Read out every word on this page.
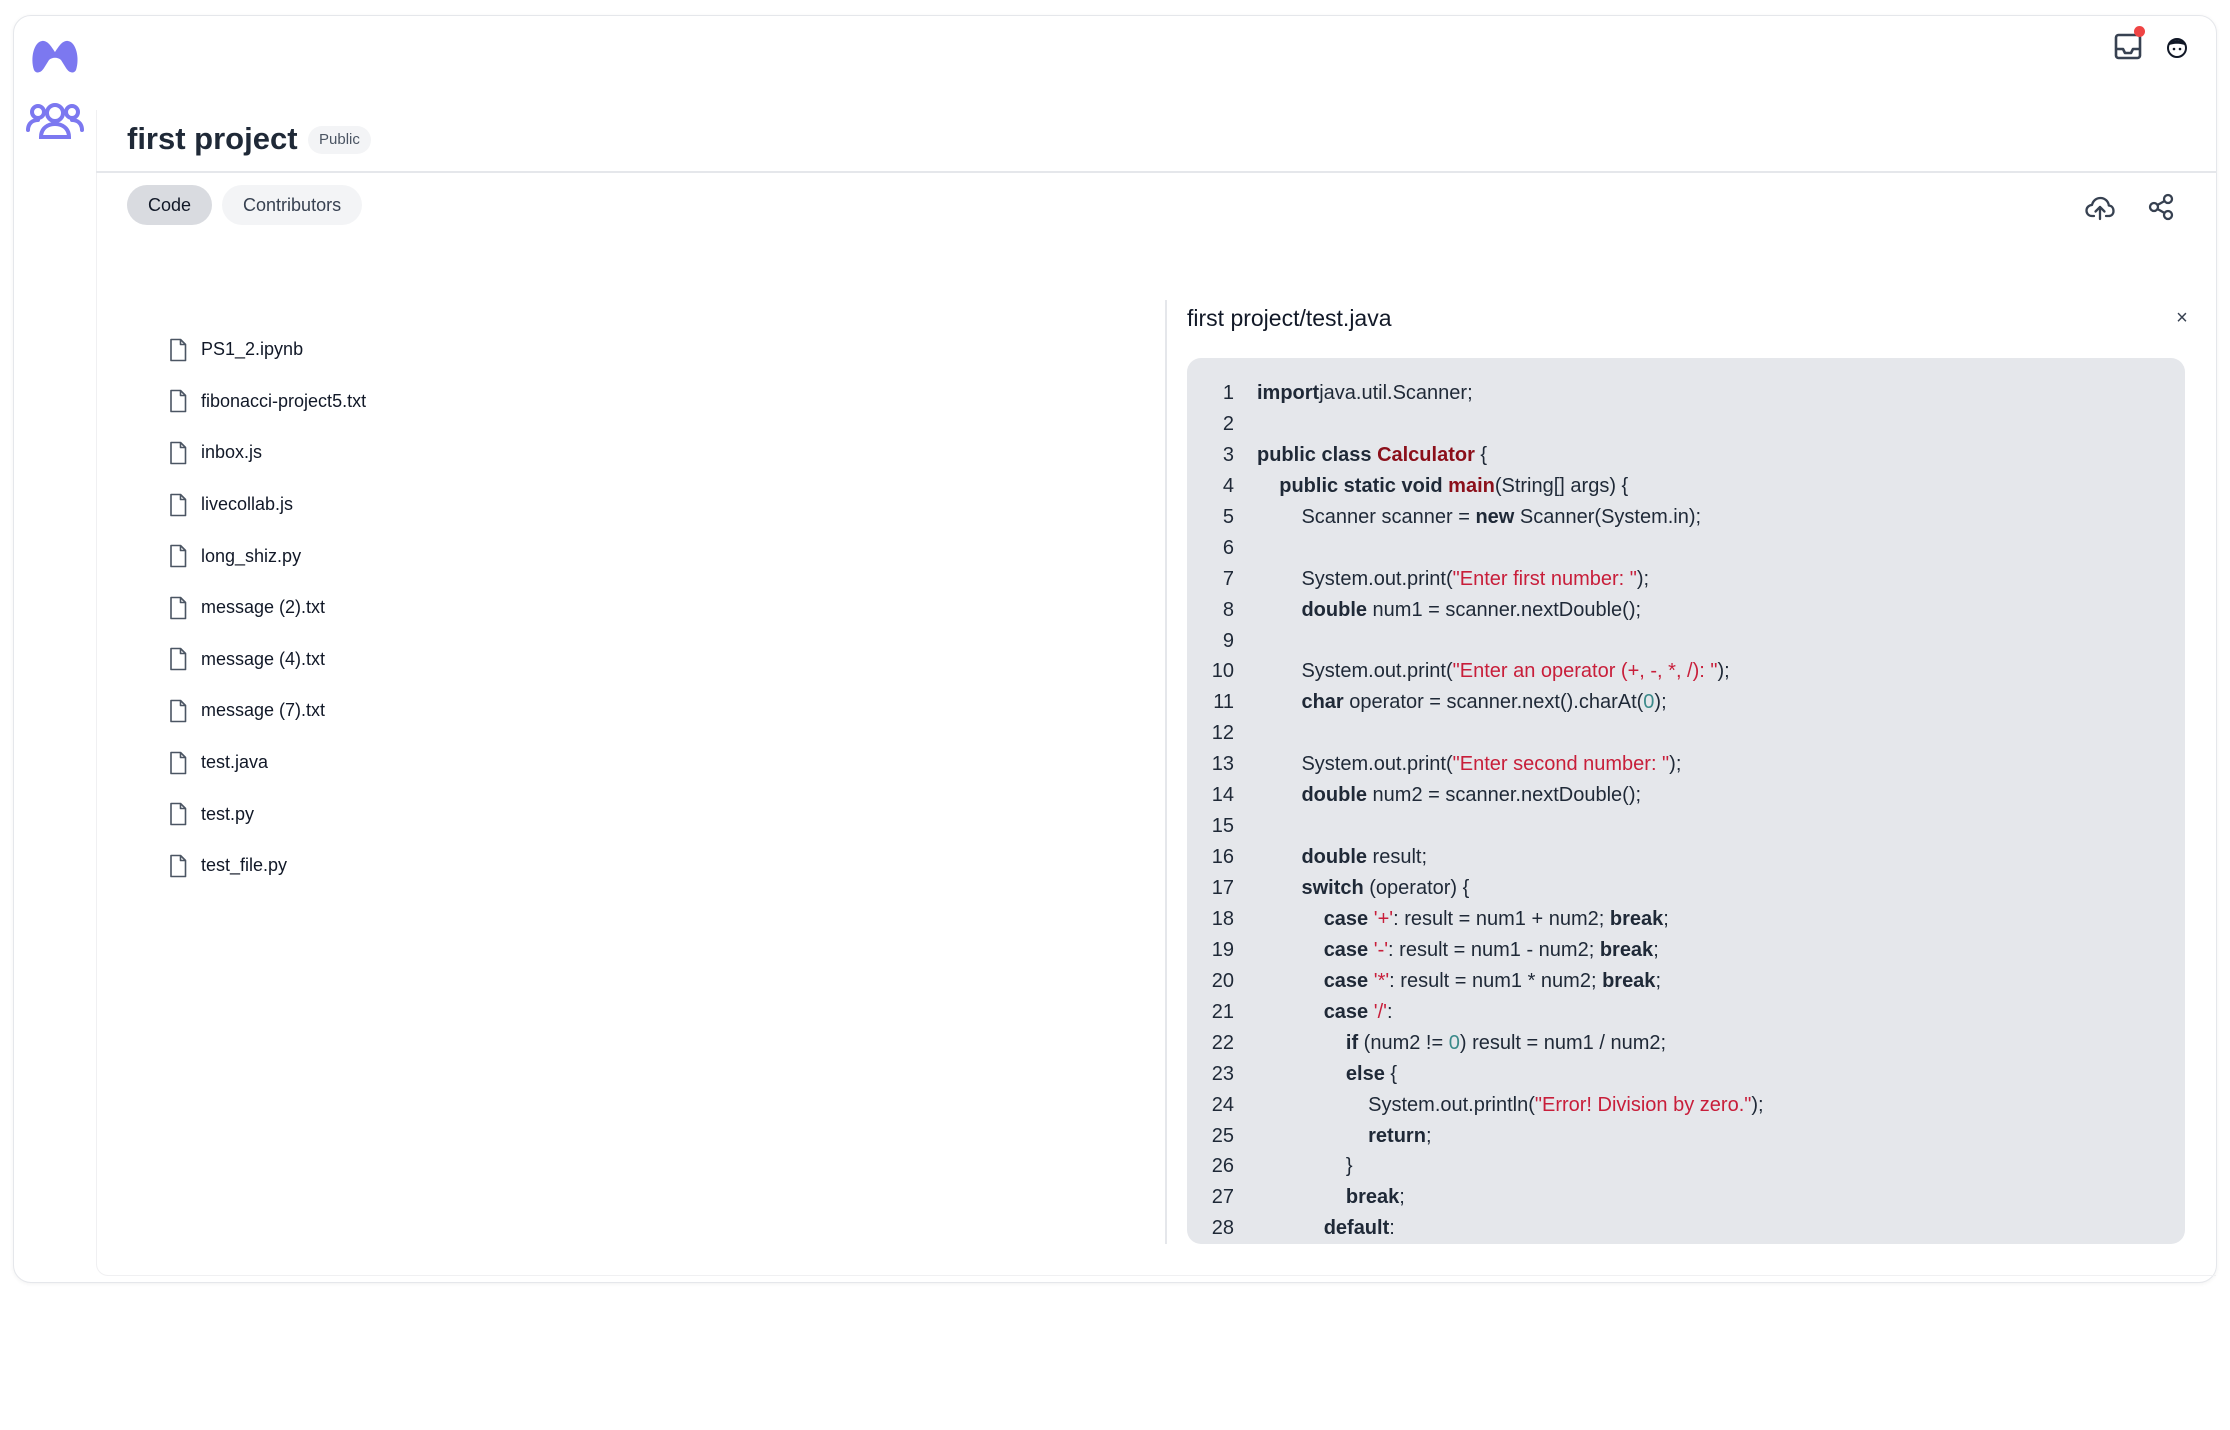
first project	Public
Code	Contributors
PS1_2.ipynb
fibonacci-project5.txt
inbox.js
livecollab.js
long_shiz.py
message (2).txt
message (4).txt
message (7).txt
test.java
test.py
test_file.py
first project/test.java	×
1	importjava.util.Scanner;
2
3	public class Calculator {
4	public static void main(String[] args) {
5	Scanner scanner = new Scanner(System.in);
6
7	System.out.print("Enter first number: ");
8	double num1 = scanner.nextDouble();
9
10	System.out.print("Enter an operator (+, -, *, /): ");
11	char operator = scanner.next().charAt(0);
12
13	System.out.print("Enter second number: ");
14	double num2 = scanner.nextDouble();
15
16	double result;
17	switch (operator) {
18	case '+': result = num1 + num2; break;
19	case '-': result = num1 - num2; break;
20	case '*': result = num1 * num2; break;
21	case '/':
22	if (num2 != 0) result = num1 / num2;
23	else {
24	System.out.println("Error! Division by zero.");
25	return;
26	}
27	break;
28	default:
